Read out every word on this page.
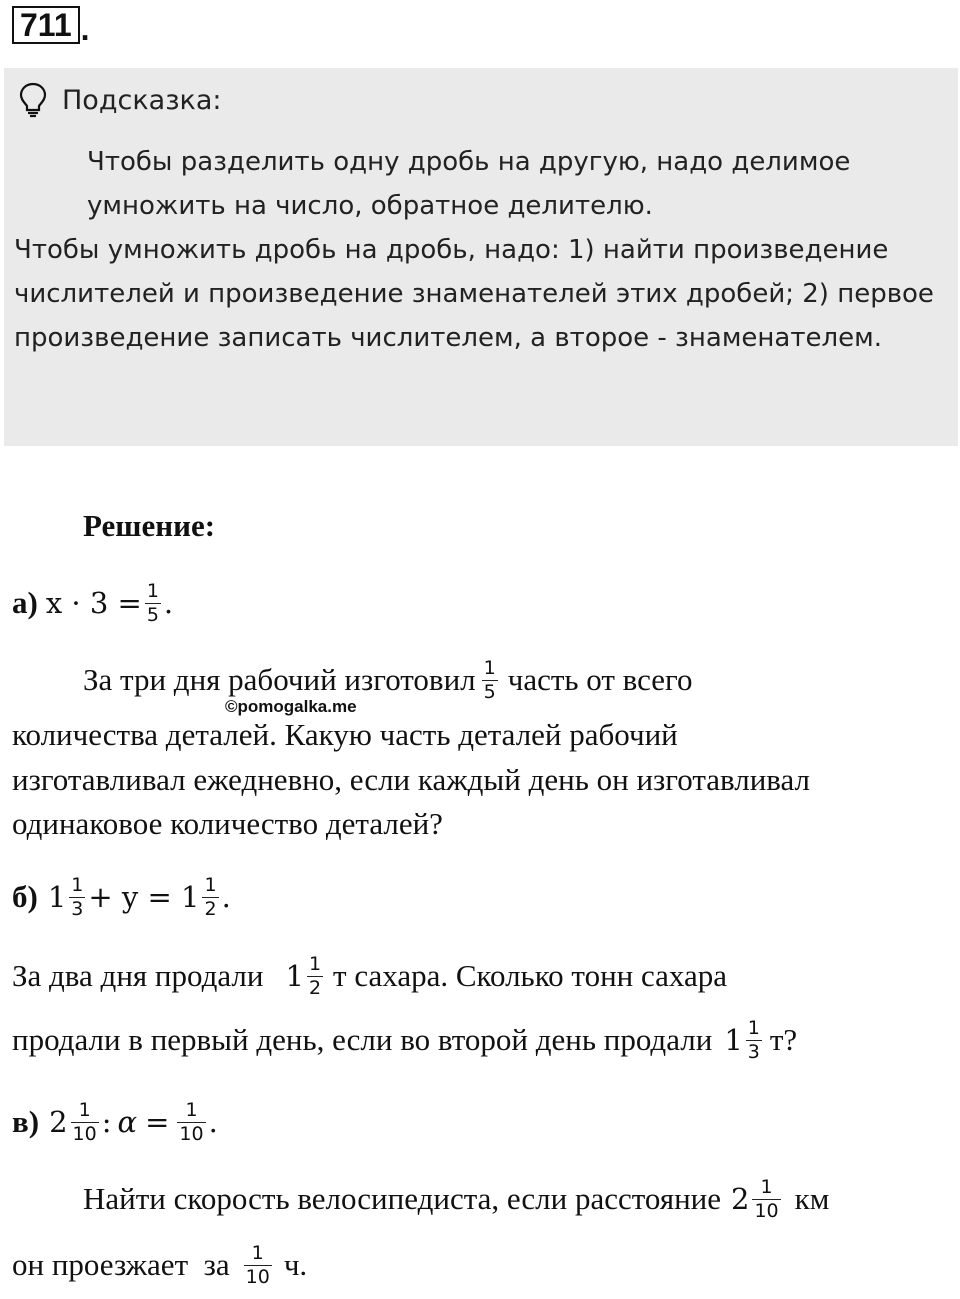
711 .
Подсказка:

Чтобы разделить одну дробь на другую, надо делимое умножить на число, обратное делителю.

Чтобы умножить дробь на дробь, надо: 1) найти произведение числителей и произведение знаменателей этих дробей; 2) первое произведение записать числителем, а второе - знаменателем.

Решение:
а) $x \cdot 3 = \frac{1}{5}$ .
За три дня рабочий изготовил $\frac{1}{5}$ часть от всего
©pomogalka.me
количества деталей. Какую часть деталей рабочий
изготавливал ежедневно, если каждый день он изготавливал
одинаковое количество деталей?
б) $1 \frac{1}{3} + y = 1 \frac{1}{2}$ .
За два дня продали $1 \frac{1}{2}$ т сахара. Сколько тонн сахара
продали в первый день, если во второй день продали $1 \frac{1}{3} т$?
в) $2 \frac{1}{10}$ : $\alpha = \frac{1}{10}$ .
Найти скорость велосипедиста, если расстояние $2 \frac{1}{10}$ км
он проезжает  за $\frac{1}{10} ч$.
